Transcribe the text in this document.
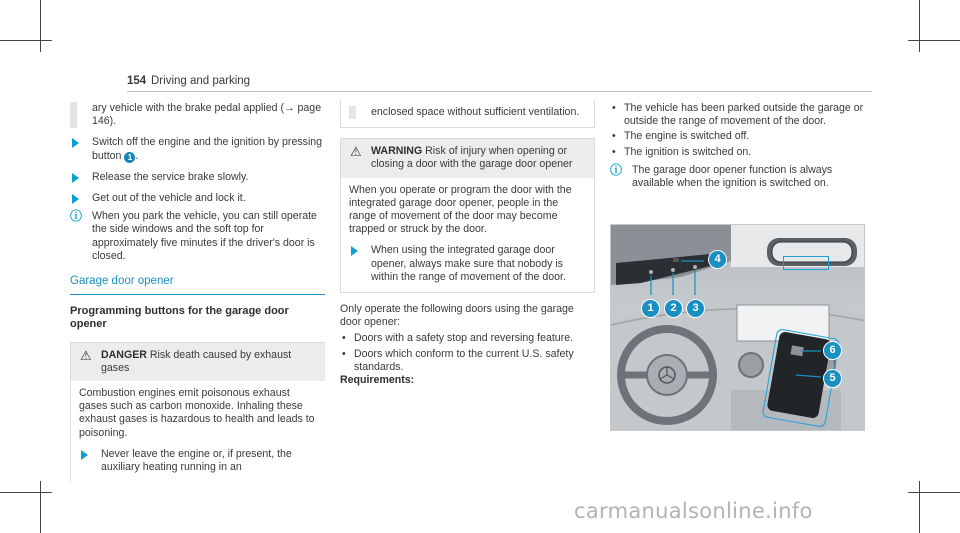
154 Driving and parking
ary vehicle with the brake pedal applied (→ page 146).
Switch off the engine and the ignition by pressing button 1 .
Release the service brake slowly.
Get out of the vehicle and lock it.
ⓘ When you park the vehicle, you can still operate the side windows and the soft top for approximately five minutes if the driver's door is closed.
Garage door opener
Programming buttons for the garage door opener
⚠ DANGER Risk death caused by exhaust gases
Combustion engines emit poisonous exhaust gases such as carbon monoxide. Inhaling these exhaust gases is hazardous to health and leads to poisoning.
Never leave the engine or, if present, the auxiliary heating running in an
enclosed space without sufficient ventilation.
⚠ WARNING Risk of injury when opening or closing a door with the garage door opener
When you operate or program the door with the integrated garage door opener, people in the range of movement of the door may become trapped or struck by the door.
When using the integrated garage door opener, always make sure that nobody is within the range of movement of the door.
Only operate the following doors using the garage door opener:
• Doors with a safety stop and reversing feature.
• Doors which conform to the current U.S. safety standards.
Requirements:
• The vehicle has been parked outside the garage or outside the range of movement of the door.
• The engine is switched off.
• The ignition is switched on.
ⓘ The garage door opener function is always available when the ignition is switched on.
1	2	3
4
5
6
carmanualsonline.info
